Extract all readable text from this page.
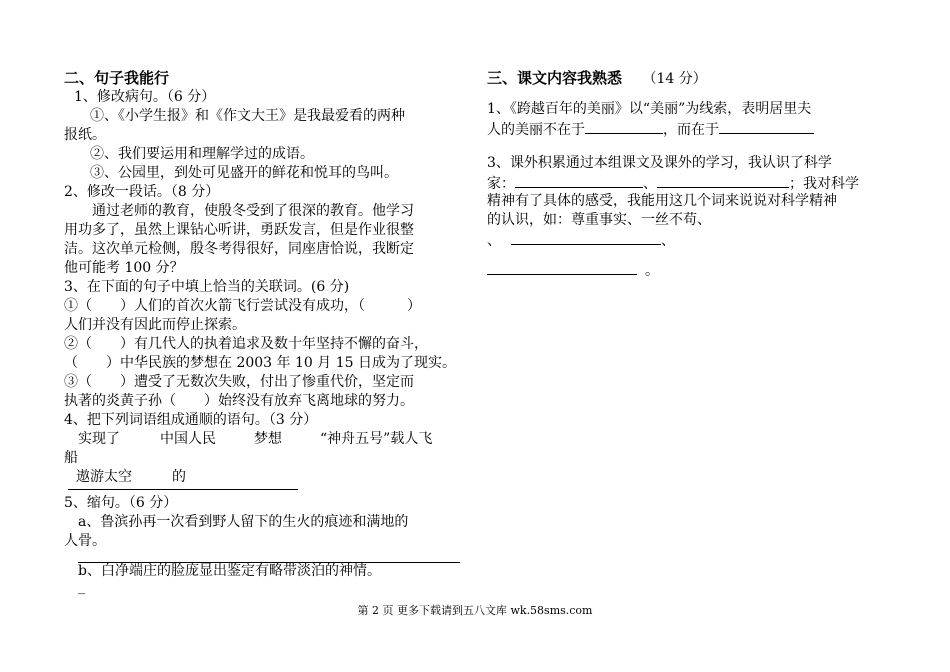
二、句子我能行
1、修改病句。（6 分）
①、《小学生报》和《作文大王》是我最爱看的两种
报纸。
②、我们要运用和理解学过的成语。
③、公园里，到处可见盛开的鲜花和悦耳的鸟叫。
2、修改一段话。（8 分）
通过老师的教育，使殷冬受到了很深的教育。他学习
用功多了，虽然上课钻心听讲，勇跃发言，但是作业很整
洁。这次单元检侧，殷冬考得很好，同座唐恰说，我断定
他可能考 100 分？
3、在下面的句子中填上恰当的关联词。(6 分)
①（　　）人们的首次火箭飞行尝试没有成功，（　　　）
人们并没有因此而停止探索。
②（　　）有几代人的执着追求及数十年坚持不懈的奋斗，
（　　）中华民族的梦想在 2003 年 10 月 15 日成为了现实。
③（　　）遭受了无数次失败，付出了惨重代价，坚定而
执著的炎黄子孙（　　）始终没有放弃飞离地球的努力。
4、把下列词语组成通顺的语句。（3 分）
实现了	中国人民	梦想	“神舟五号”载人飞
船
遨游太空	的
5、缩句。（6 分）
a、鲁滨孙再一次看到野人留下的生火的痕迹和满地的
人骨。
b、白净端庄的脸庞显出鉴定有略带淡泊的神情。
_
三、课文内容我熟悉 （14 分）
1、《跨越百年的美丽》以“美丽”为线索，表明居里夫
人的美丽不在于	，而在于
3、课外积累通过本组课文及课外的学习，我认识了科学
家：	、	；我对科学
精神有了具体的感受，我能用这几个词来说说对科学精神
的认识，如：尊重事实、一丝不苟、
、	、
。
第 2 页 更多下载请到五八文库 wk.58sms.com
